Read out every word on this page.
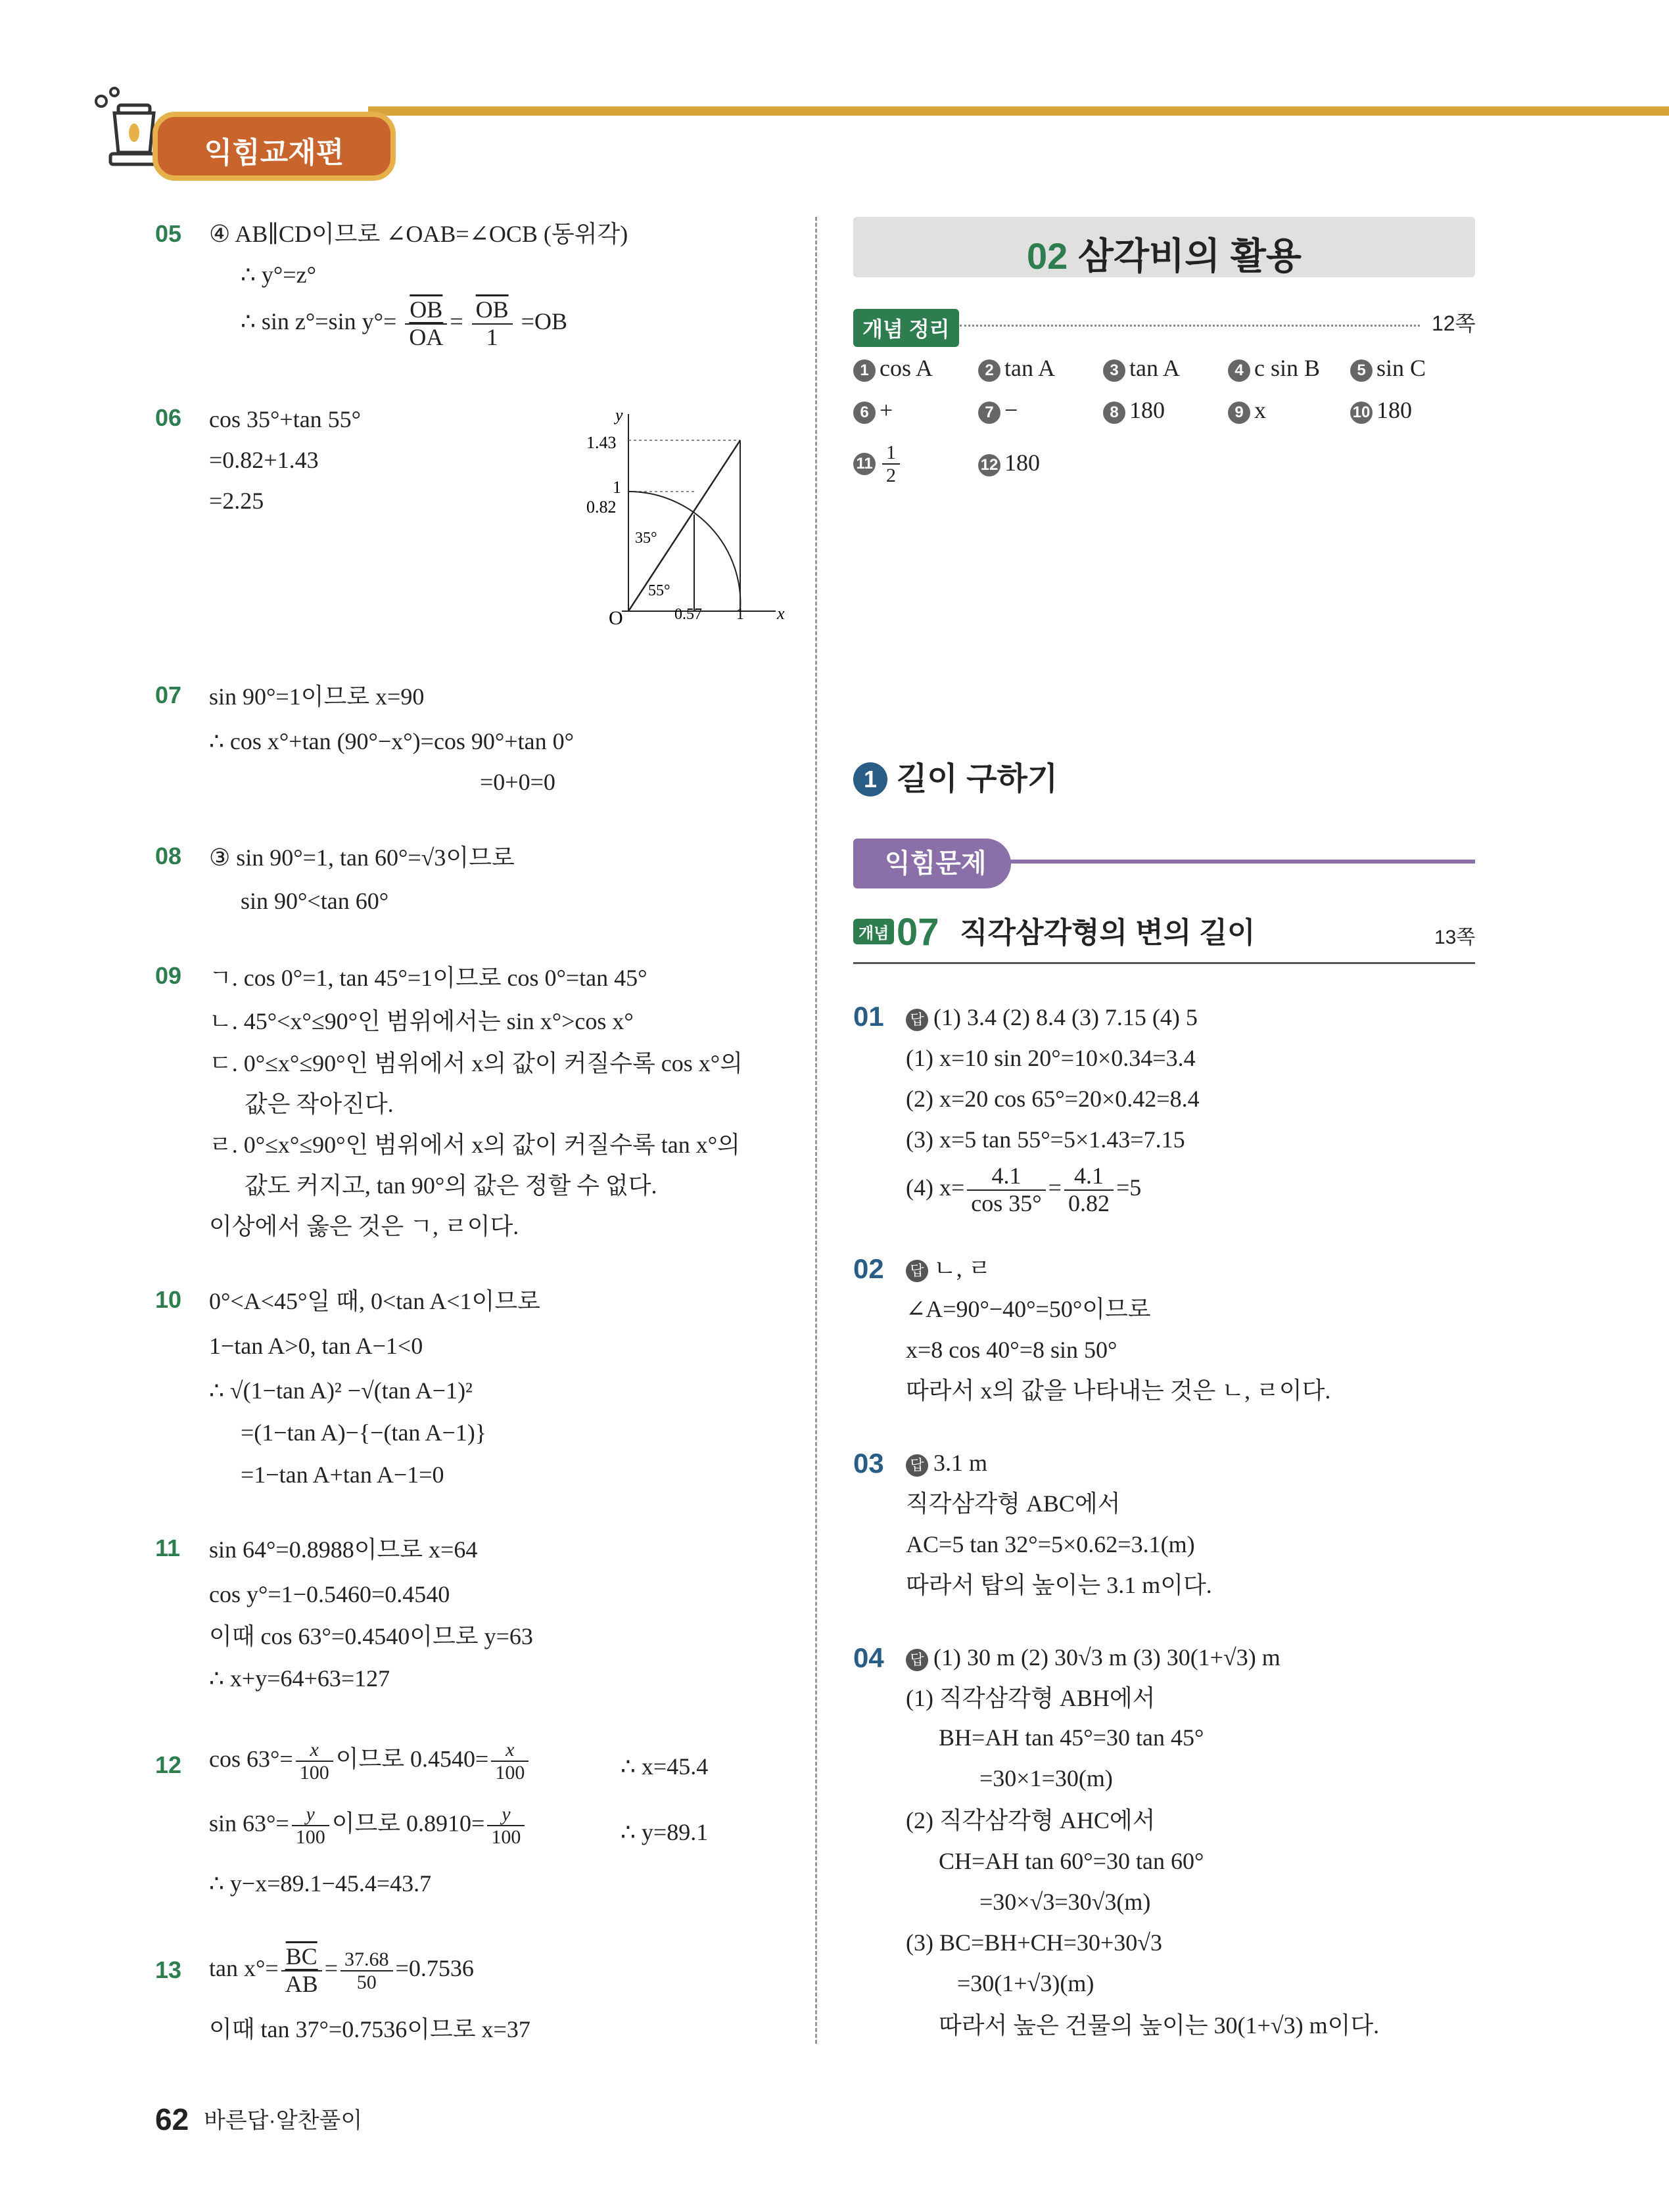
익힘교재편
05 ④ AB∥CD이므로 ∠OAB=∠OCB (동위각)
∴ y°=z°
∴ sin z°=sin $y^\circ= \frac{\overline{OB}}{OA} = \frac{\overline{OB}}{1} =OB$
06 cos 35°+tan 55°
=0.82+1.43
=2.25
y
x
O
1.43
1
0.82
35°
55°
0.57 1
07 sin 90°=1이므로 x=90
∴ cos x°+tan (90°−x°)=cos 90°+tan 0°
=0+0=0
08 ③ sin 90°=1, tan 60°=√3이므로
sin 90°<tan 60°
09 ㄱ. cos 0°=1, tan 45°=1이므로 cos 0°=tan 45°
ㄴ. 45°<x°≤90°인 범위에서는 sin x°>cos x°
ㄷ. 0°≤x°≤90°인 범위에서 x의 값이 커질수록 cos x°의
값은 작아진다.
ㄹ. 0°≤x°≤90°인 범위에서 x의 값이 커질수록 tan x°의
값도 커지고, tan 90°의 값은 정할 수 없다.
이상에서 옳은 것은 ㄱ, ㄹ이다.
10 0°<A<45°일 때, 0<tan A<1이므로
1−tan A>0, tan A−1<0
∴ √(1−tan A)² −√(tan A−1)²
=(1−tan A)−{−(tan A−1)}
=1−tan A+tan A−1=0
11 sin 64°=0.8988이므로 x=64
cos y°=1−0.5460=0.4540
이때 cos 63°=0.4540이므로 y=63
∴ x+y=64+63=127
12 $\cos 63^\circ= \frac{x}{100}$ 이므로 $0.4540= \frac{x}{100}$	∴ x=45.4
$\sin 63^\circ= \frac{y}{100}$ 이므로 $0.8910= \frac{y}{100}$	∴ y=89.1
∴ y−x=89.1−45.4=43.7
13 $\tan x^\circ= \frac{\overline{BC}}{AB} = \frac{37.68}{50} =0.7536$
이때 tan 37°=0.7536이므로 x=37
02 삼각비의 활용
개념 정리	12쪽
1 cos A	2 tan A	3 tan A	4 c sin B	5 sin C
6 +	7 −	8 180	9 x	10 180
$11 \frac{1}{2}$	12 180
1 길이 구하기
익힘문제
개념 07 직각삼각형의 변의 길이	13쪽
01 답 (1) 3.4 (2) 8.4 (3) 7.15 (4) 5
(1) x=10 sin 20°=10×0.34=3.4
(2) x=20 cos 65°=20×0.42=8.4
(3) x=5 tan 55°=5×1.43=7.15
(4) $x= \frac{4.1}{\cos 35^\circ} = \frac{4.1}{0.82} =5$
02 답 ㄴ, ㄹ
∠A=90°−40°=50°이므로
x=8 cos 40°=8 sin 50°
따라서 x의 값을 나타내는 것은 ㄴ, ㄹ이다.
03 답 3.1 m
직각삼각형 ABC에서
AC=5 tan 32°=5×0.62=3.1(m)
따라서 탑의 높이는 3.1 m이다.
04 답 (1) 30 m (2) 30√3 m (3) 30(1+√3) m
(1) 직각삼각형 ABH에서
BH=AH tan 45°=30 tan 45°
=30×1=30(m)
(2) 직각삼각형 AHC에서
CH=AH tan 60°=30 tan 60°
=30×√3=30√3(m)
(3) BC=BH+CH=30+30√3
=30(1+√3)(m)
따라서 높은 건물의 높이는 30(1+√3) m이다.
62 바른답·알찬풀이
